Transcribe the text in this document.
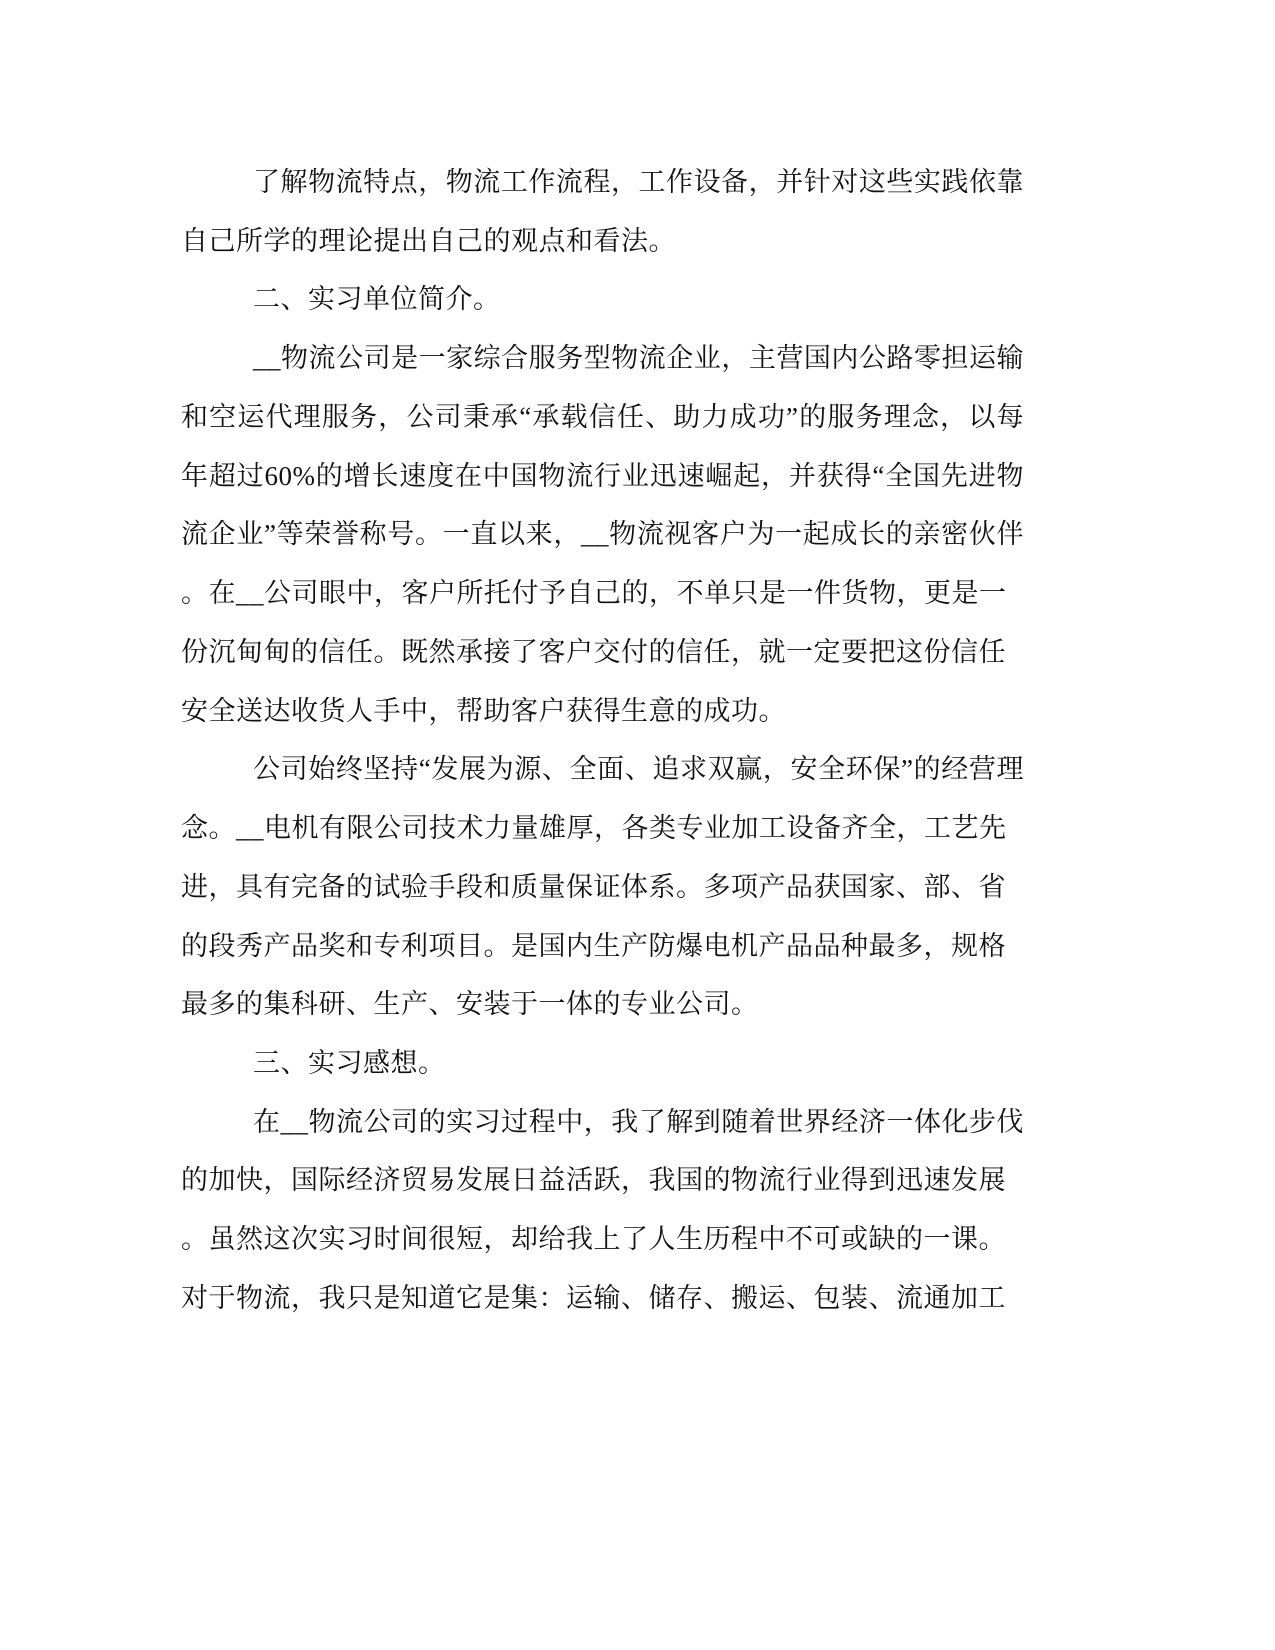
了解物流特点，物流工作流程，工作设备，并针对这些实践依靠
自己所学的理论提出自己的观点和看法。
二、实习单位简介。
__物流公司是一家综合服务型物流企业，主营国内公路零担运输
和空运代理服务，公司秉承“承载信任、助力成功”的服务理念，以每
年超过60%的增长速度在中国物流行业迅速崛起，并获得“全国先进物
流企业”等荣誉称号。一直以来，__物流视客户为一起成长的亲密伙伴
。在__公司眼中，客户所托付予自己的，不单只是一件货物，更是一
份沉甸甸的信任。既然承接了客户交付的信任，就一定要把这份信任
安全送达收货人手中，帮助客户获得生意的成功。
公司始终坚持“发展为源、全面、追求双赢，安全环保”的经营理
念。__电机有限公司技术力量雄厚，各类专业加工设备齐全，工艺先
进，具有完备的试验手段和质量保证体系。多项产品获国家、部、省
的段秀产品奖和专利项目。是国内生产防爆电机产品品种最多，规格
最多的集科研、生产、安装于一体的专业公司。
三、实习感想。
在__物流公司的实习过程中，我了解到随着世界经济一体化步伐
的加快，国际经济贸易发展日益活跃，我国的物流行业得到迅速发展
。虽然这次实习时间很短，却给我上了人生历程中不可或缺的一课。
对于物流，我只是知道它是集：运输、储存、搬运、包装、流通加工
